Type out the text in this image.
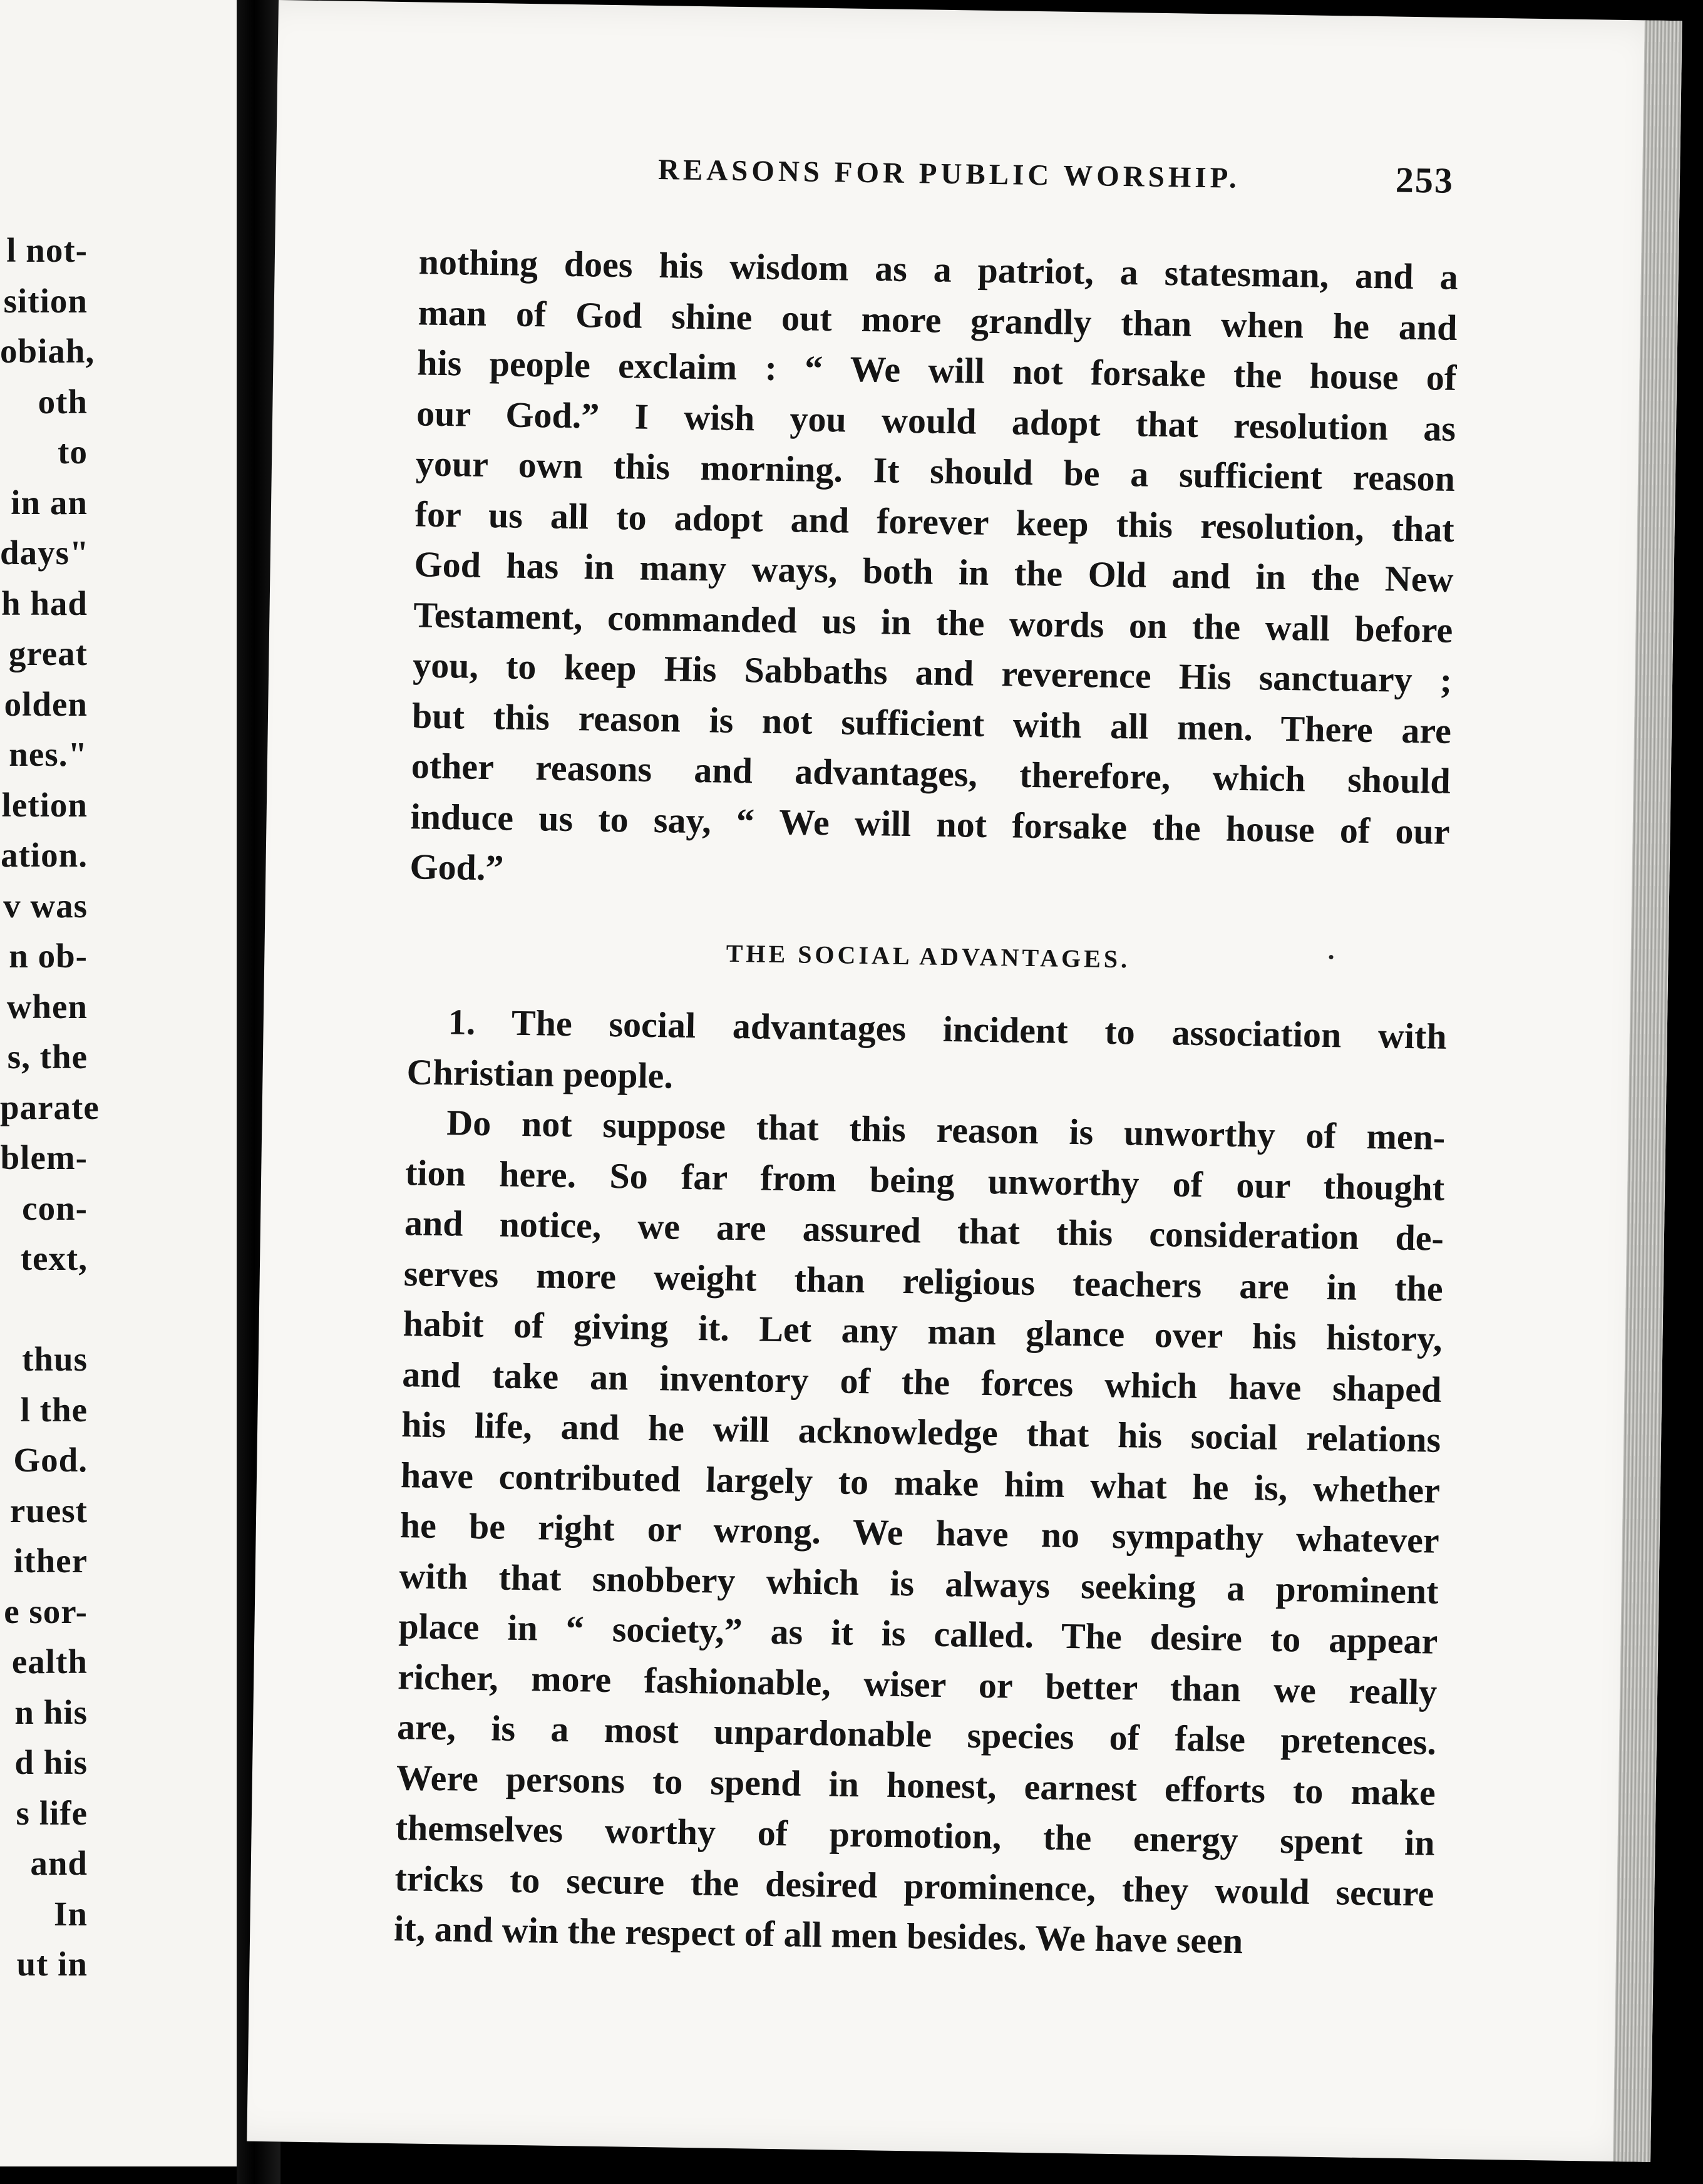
l not-
sition
obiah,
oth to
in an
days"
h had
great
olden
nes."
letion
ation.
v was
n ob-
when
s, the
parate
blem-
con-
text,
thus
l the
God.
ruest
ither
e sor-
ealth
n his
d his
s life
and
In
ut in
REASONS FOR PUBLIC WORSHIP.	253
nothing does his wisdom as a patriot, a statesman, and a
man of God shine out more grandly than when he and
his people exclaim : “ We will not forsake the house of
our God.” I wish you would adopt that resolution as
your own this morning. It should be a sufficient reason
for us all to adopt and forever keep this resolution, that
God has in many ways, both in the Old and in the New
Testament, commanded us in the words on the wall before
you, to keep His Sabbaths and reverence His sanctuary ;
but this reason is not sufficient with all men. There are
other reasons and advantages, therefore, which should
induce us to say, “ We will not forsake the house of our
God.”
THE SOCIAL ADVANTAGES.
1. The social advantages incident to association with
Christian people.
Do not suppose that this reason is unworthy of men-
tion here. So far from being unworthy of our thought
and notice, we are assured that this consideration de-
serves more weight than religious teachers are in the
habit of giving it. Let any man glance over his history,
and take an inventory of the forces which have shaped
his life, and he will acknowledge that his social relations
have contributed largely to make him what he is, whether
he be right or wrong. We have no sympathy whatever
with that snobbery which is always seeking a prominent
place in “ society,” as it is called. The desire to appear
richer, more fashionable, wiser or better than we really
are, is a most unpardonable species of false pretences.
Were persons to spend in honest, earnest efforts to make
themselves worthy of promotion, the energy spent in
tricks to secure the desired prominence, they would secure
it, and win the respect of all men besides. We have seen
